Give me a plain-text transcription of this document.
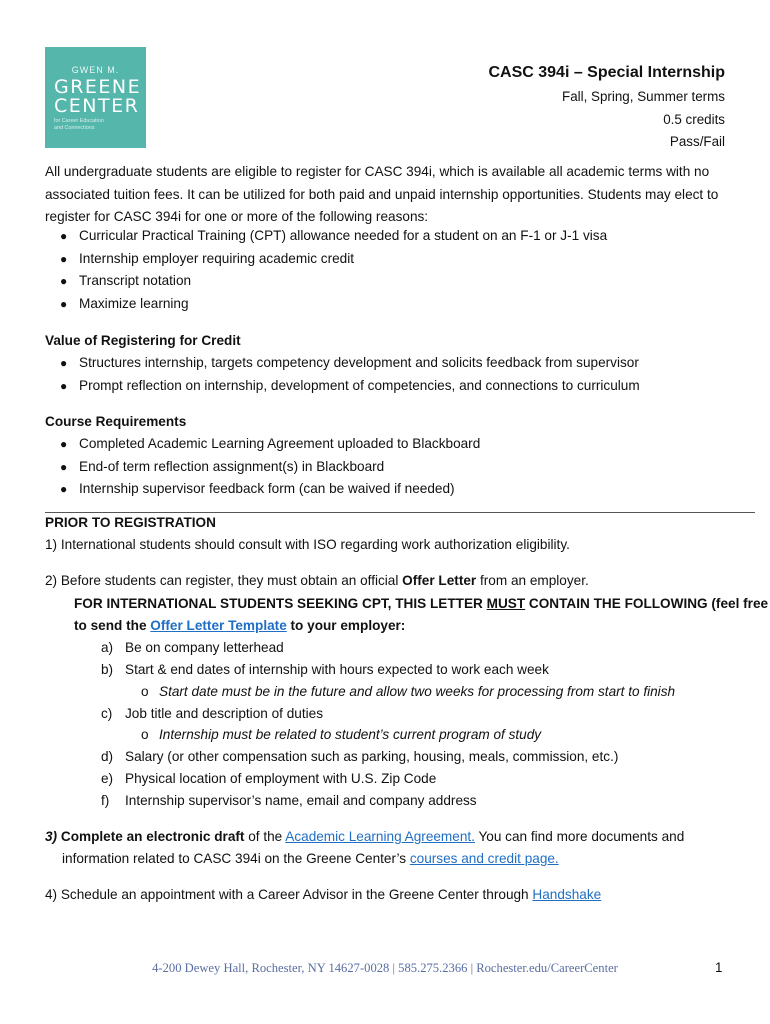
GWEN M.
GREENE
CENTER
for Career Education
and Connections
CASC 394i – Special Internship
Fall, Spring, Summer terms
0.5 credits
Pass/Fail
All undergraduate students are eligible to register for CASC 394i, which is available all academic terms with no associated tuition fees. It can be utilized for both paid and unpaid internship opportunities. Students may elect to register for CASC 394i for one or more of the following reasons:
● Curricular Practical Training (CPT) allowance needed for a student on an F-1 or J-1 visa
● Internship employer requiring academic credit
● Transcript notation
● Maximize learning
Value of Registering for Credit
● Structures internship, targets competency development and solicits feedback from supervisor
● Prompt reflection on internship, development of competencies, and connections to curriculum
Course Requirements
● Completed Academic Learning Agreement uploaded to Blackboard
● End-of term reflection assignment(s) in Blackboard
● Internship supervisor feedback form (can be waived if needed)
PRIOR TO REGISTRATION
1) International students should consult with ISO regarding work authorization eligibility.
2) Before students can register, they must obtain an official Offer Letter from an employer.
FOR INTERNATIONAL STUDENTS SEEKING CPT, THIS LETTER MUST CONTAIN THE FOLLOWING (feel free
to send the Offer Letter Template to your employer:
a) Be on company letterhead
b) Start & end dates of internship with hours expected to work each week
o Start date must be in the future and allow two weeks for processing from start to finish
c) Job title and description of duties
o Internship must be related to student’s current program of study
d) Salary (or other compensation such as parking, housing, meals, commission, etc.)
e) Physical location of employment with U.S. Zip Code
f) Internship supervisor’s name, email and company address
3) Complete an electronic draft of the Academic Learning Agreement. You can find more documents and
information related to CASC 394i on the Greene Center’s courses and credit page.
4) Schedule an appointment with a Career Advisor in the Greene Center through Handshake
4-200 Dewey Hall, Rochester, NY 14627-0028 | 585.275.2366 | Rochester.edu/CareerCenter	1
